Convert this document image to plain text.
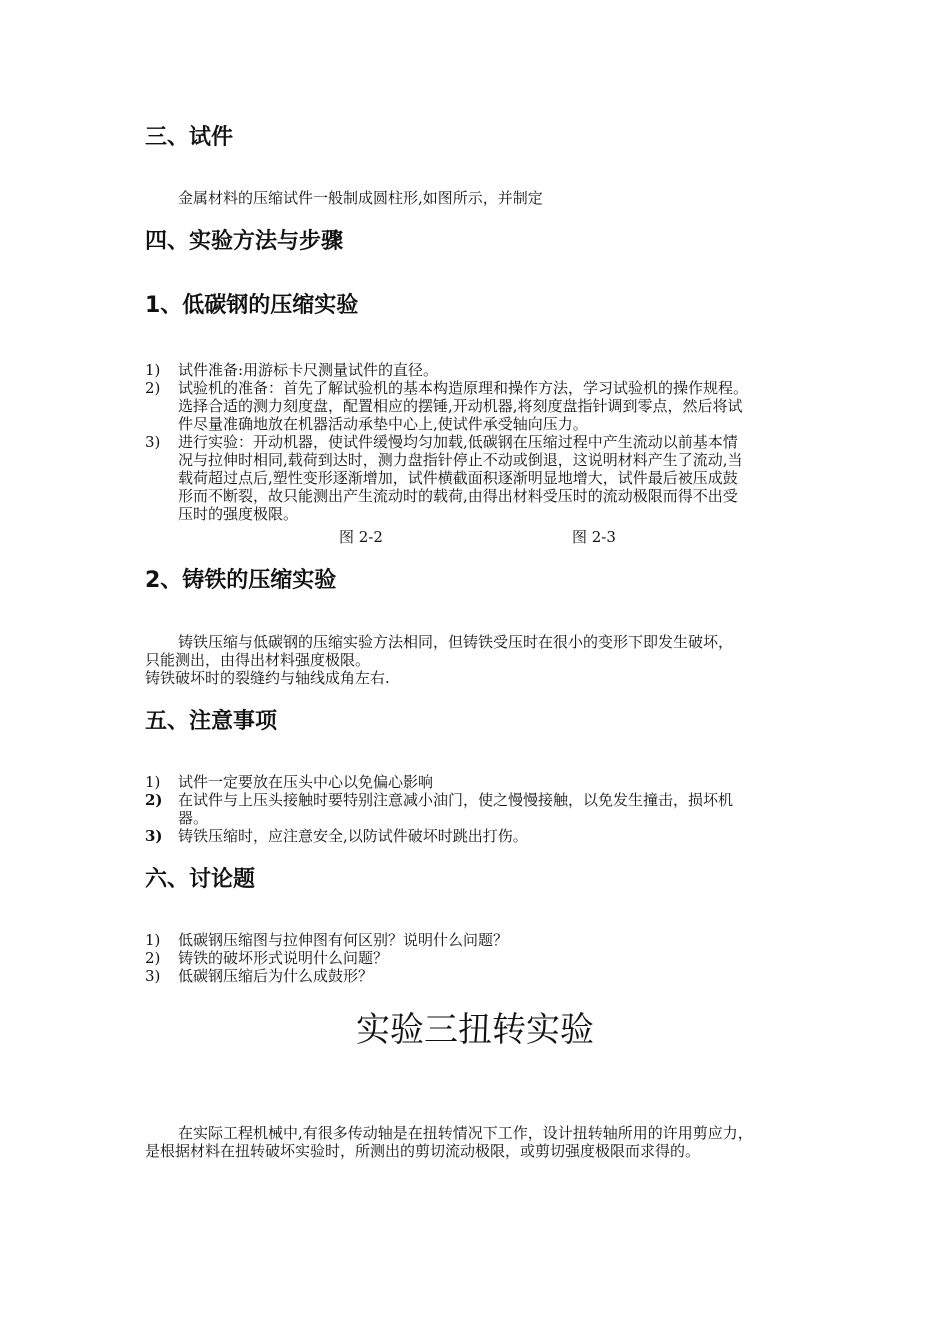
三、试件
金属材料的压缩试件一般制成圆柱形,如图所示，并制定
四、实验方法与步骤
1、低碳钢的压缩实验
1) 试件准备:用游标卡尺测量试件的直径。
2) 试验机的准备：首先了解试验机的基本构造原理和操作方法，学习试验机的操作规程。
选择合适的测力刻度盘，配置相应的摆锤,开动机器,将刻度盘指针调到零点，然后将试
件尽量准确地放在机器活动承垫中心上,使试件承受轴向压力。
3) 进行实验：开动机器，使试件缓慢均匀加载,低碳钢在压缩过程中产生流动以前基本情
况与拉伸时相同,载荷到达时，测力盘指针停止不动或倒退，这说明材料产生了流动,当
载荷超过点后,塑性变形逐渐增加，试件横截面积逐渐明显地增大，试件最后被压成鼓
形而不断裂，故只能测出产生流动时的载荷,由得出材料受压时的流动极限而得不出受
压时的强度极限。
图 2-2	图 2-3
2、铸铁的压缩实验
铸铁压缩与低碳钢的压缩实验方法相同，但铸铁受压时在很小的变形下即发生破坏，
只能测出，由得出材料强度极限。
铸铁破坏时的裂缝约与轴线成角左右.
五、注意事项
1) 试件一定要放在压头中心以免偏心影响
2) 在试件与上压头接触时要特别注意减小油门，使之慢慢接触，以免发生撞击，损坏机
器。
3) 铸铁压缩时，应注意安全,以防试件破坏时跳出打伤。
六、讨论题
1) 低碳钢压缩图与拉伸图有何区别？说明什么问题？
2) 铸铁的破坏形式说明什么问题？
3) 低碳钢压缩后为什么成鼓形？
实验三扭转实验
在实际工程机械中,有很多传动轴是在扭转情况下工作，设计扭转轴所用的许用剪应力，
是根据材料在扭转破坏实验时，所测出的剪切流动极限，或剪切强度极限而求得的。
